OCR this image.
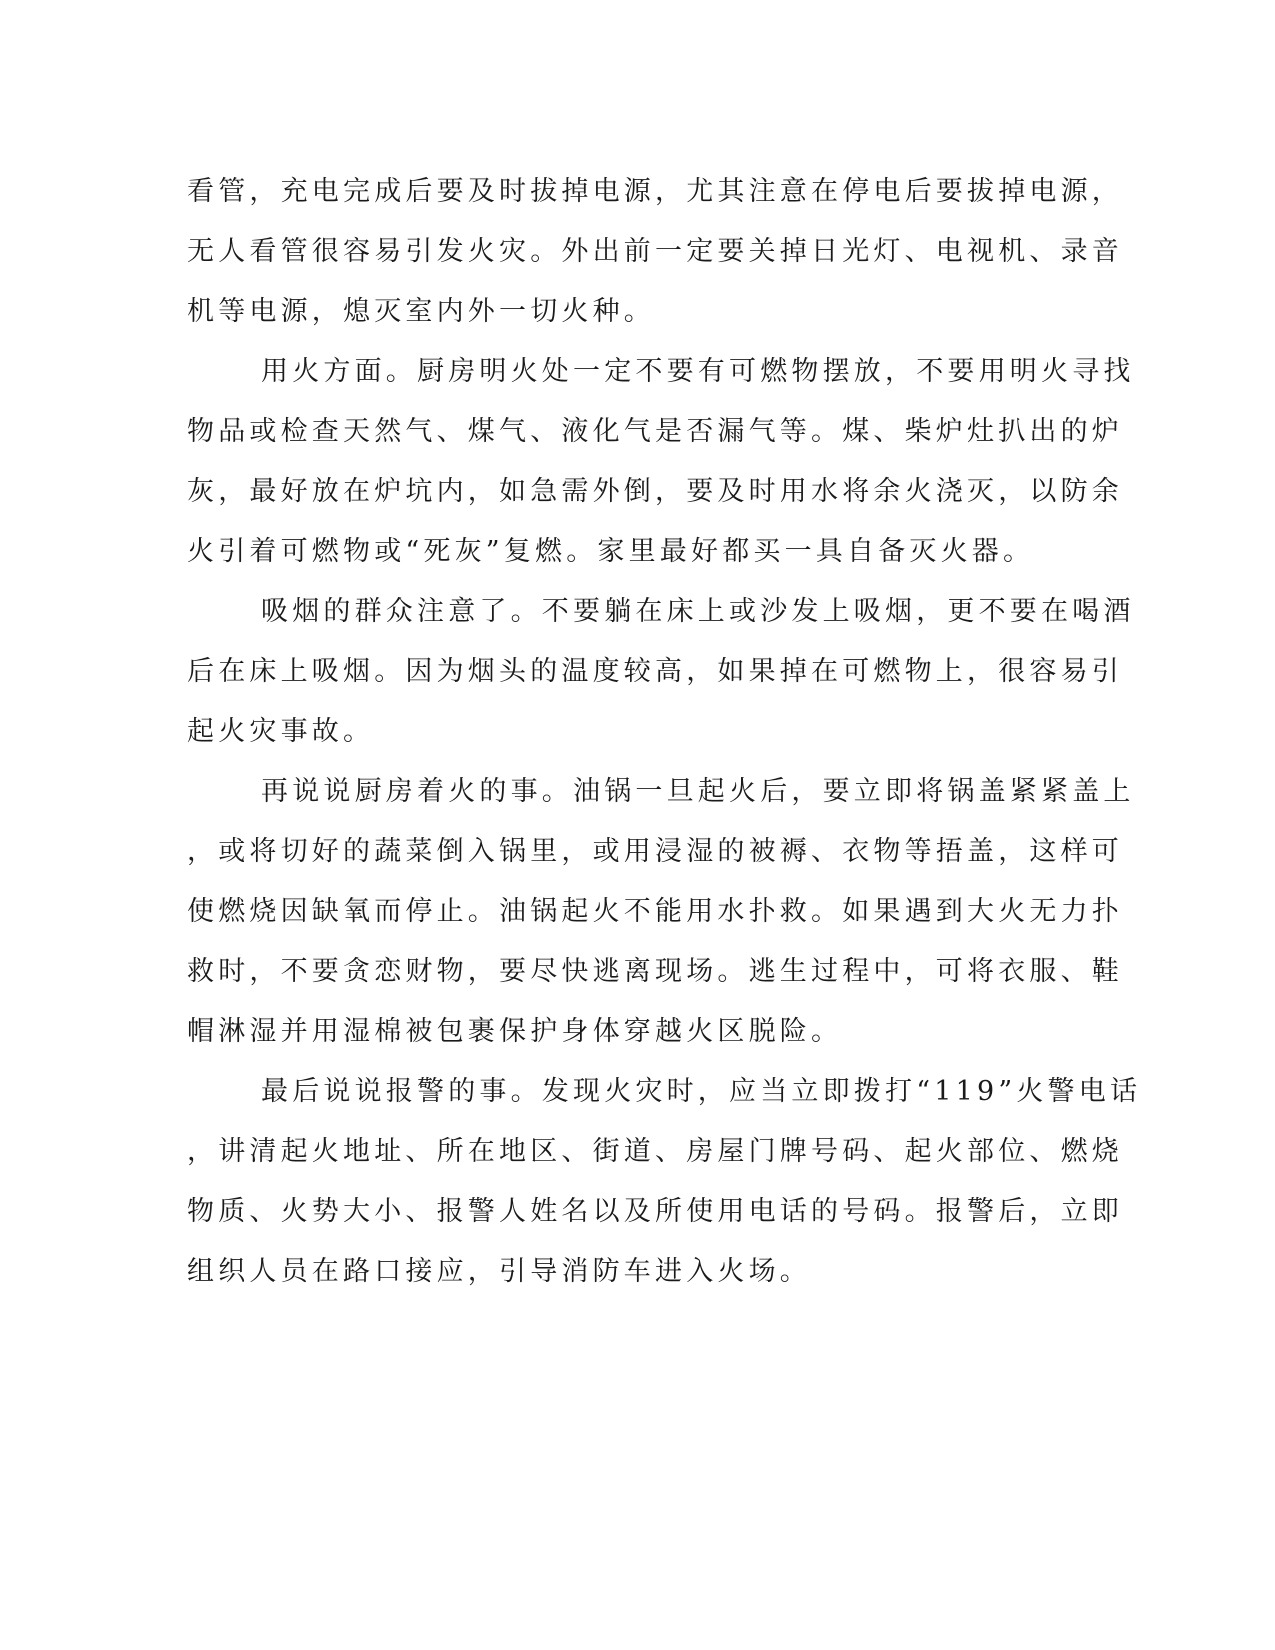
看管，充电完成后要及时拔掉电源，尤其注意在停电后要拔掉电源，
无人看管很容易引发火灾。外出前一定要关掉日光灯、电视机、录音
机等电源，熄灭室内外一切火种。
用火方面。厨房明火处一定不要有可燃物摆放，不要用明火寻找
物品或检查天然气、煤气、液化气是否漏气等。煤、柴炉灶扒出的炉
灰，最好放在炉坑内，如急需外倒，要及时用水将余火浇灭，以防余
火引着可燃物或“死灰”复燃。家里最好都买一具自备灭火器。
吸烟的群众注意了。不要躺在床上或沙发上吸烟，更不要在喝酒
后在床上吸烟。因为烟头的温度较高，如果掉在可燃物上，很容易引
起火灾事故。
再说说厨房着火的事。油锅一旦起火后，要立即将锅盖紧紧盖上
，或将切好的蔬菜倒入锅里，或用浸湿的被褥、衣物等捂盖，这样可
使燃烧因缺氧而停止。油锅起火不能用水扑救。如果遇到大火无力扑
救时，不要贪恋财物，要尽快逃离现场。逃生过程中，可将衣服、鞋
帽淋湿并用湿棉被包裹保护身体穿越火区脱险。
最后说说报警的事。发现火灾时，应当立即拨打“119”火警电话
，讲清起火地址、所在地区、街道、房屋门牌号码、起火部位、燃烧
物质、火势大小、报警人姓名以及所使用电话的号码。报警后，立即
组织人员在路口接应，引导消防车进入火场。
